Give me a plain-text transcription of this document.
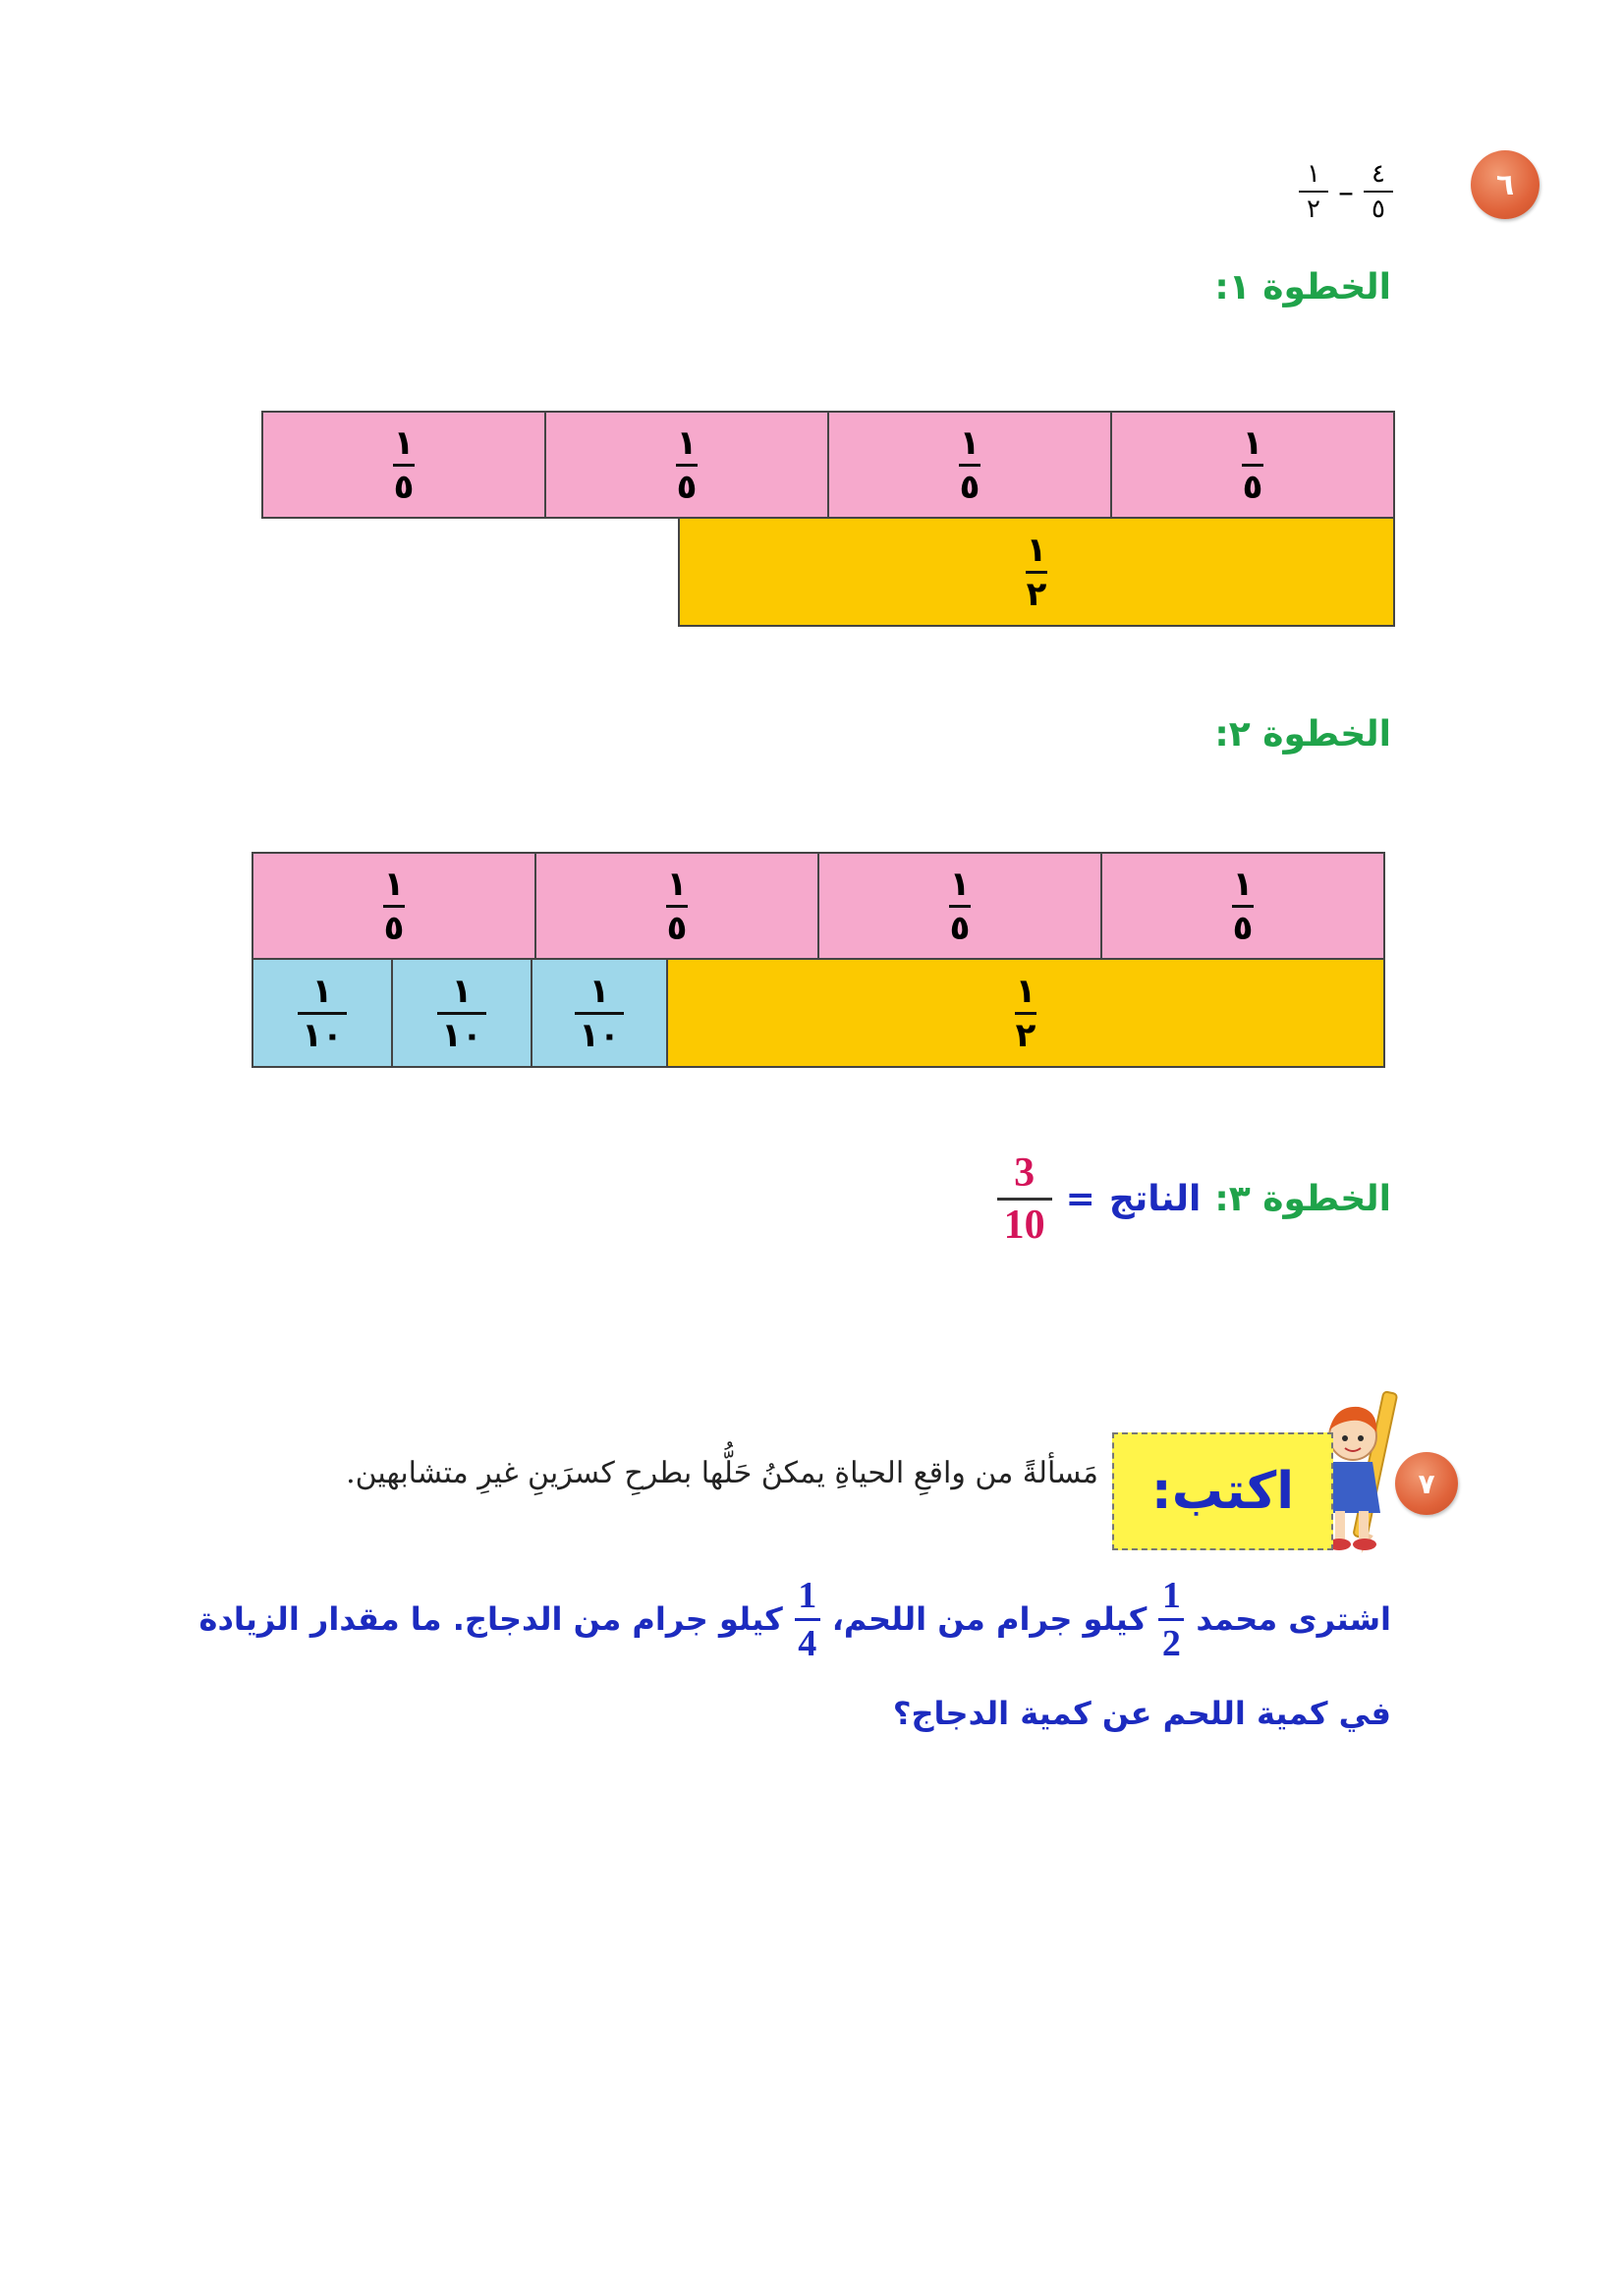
٦
$\frac{١}{٢} - \frac{٤}{٥}$
الخطوة ١:
$\frac{١}{٥}$
$\frac{١}{٥}$
$\frac{١}{٥}$
$\frac{١}{٥}$
$\frac{١}{٢}$
الخطوة ٢:
$\frac{١}{٥}$
$\frac{١}{٥}$
$\frac{١}{٥}$
$\frac{١}{٥}$
$\frac{١}{٢}$
$\frac{١}{١٠}$
$\frac{١}{١٠}$
$\frac{١}{١٠}$
الخطوة ٣:
الناتج
=
$\frac{3}{10}$
٧
اكتب:
مَسألةً من واقعِ الحياةِ يمكنُ حَلُّها بطرحِ كسرَينِ غيرِ متشابهين.
اشترى محمد
$\frac{1}{2}$
كيلو جرام من اللحم،
$\frac{1}{4}$
كيلو جرام من الدجاج. ما مقدار الزيادة
في كمية اللحم عن كمية الدجاج؟
